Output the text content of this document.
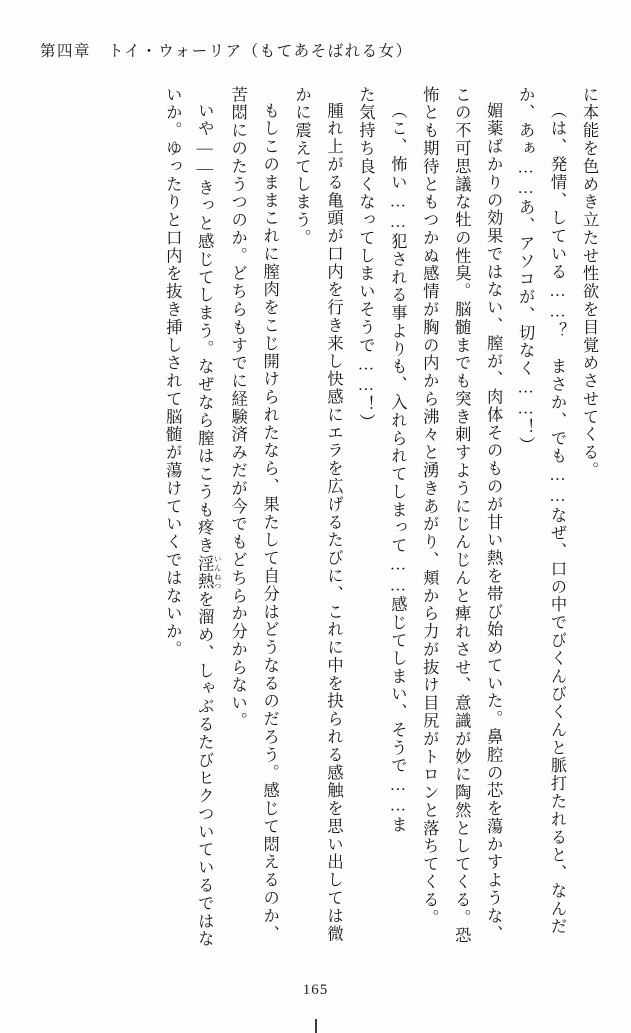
第四章　トイ・ウォーリア（もてあそばれる女）

に本能を色めき立たせ性欲を目覚めさせてくる。

（は、発情、している……？　まさか、でも……なぜ、口の中でびくんびくんと脈打たれると、なんだか、あぁ……あ、アソコが、切なく……！）

媚薬ばかりの効果ではない、膣が、肉体そのものが甘い熱を帯び始めていた。鼻腔の芯を蕩かすような、この不可思議な牡の性臭。脳髄までも突き刺すようにじんじんと痺れさせ、意識が妙に陶然としてくる。恐怖とも期待ともつかぬ感情が胸の内から沸々と湧きあがり、頬から力が抜け目尻がトロンと落ちてくる。

（こ、怖い……犯される事よりも、入れられてしまって……感じてしまい、そうで……ま

た気持ち良くなってしまいそうで……！）

腫れ上がる亀頭が口内を行き来し快感にエラを広げるたびに、これに中を抉られる感触を思い出しては微かに震えてしまう。

もしこのままこれに膣肉をこじ開けられたなら、果たして自分はどうなるのだろう。感じて悶えるのか、苦悶にのたうつのか。どちらもすでに経験済みだが今でもどちらか分からない。

いや――きっと感じてしまう。なぜなら膣はこうも疼き淫熱 いんねつを溜め、しゃぶるたびヒクついているではないか。ゆったりと口内を抜き挿しされて脳髄が蕩けていくではないか。

165
